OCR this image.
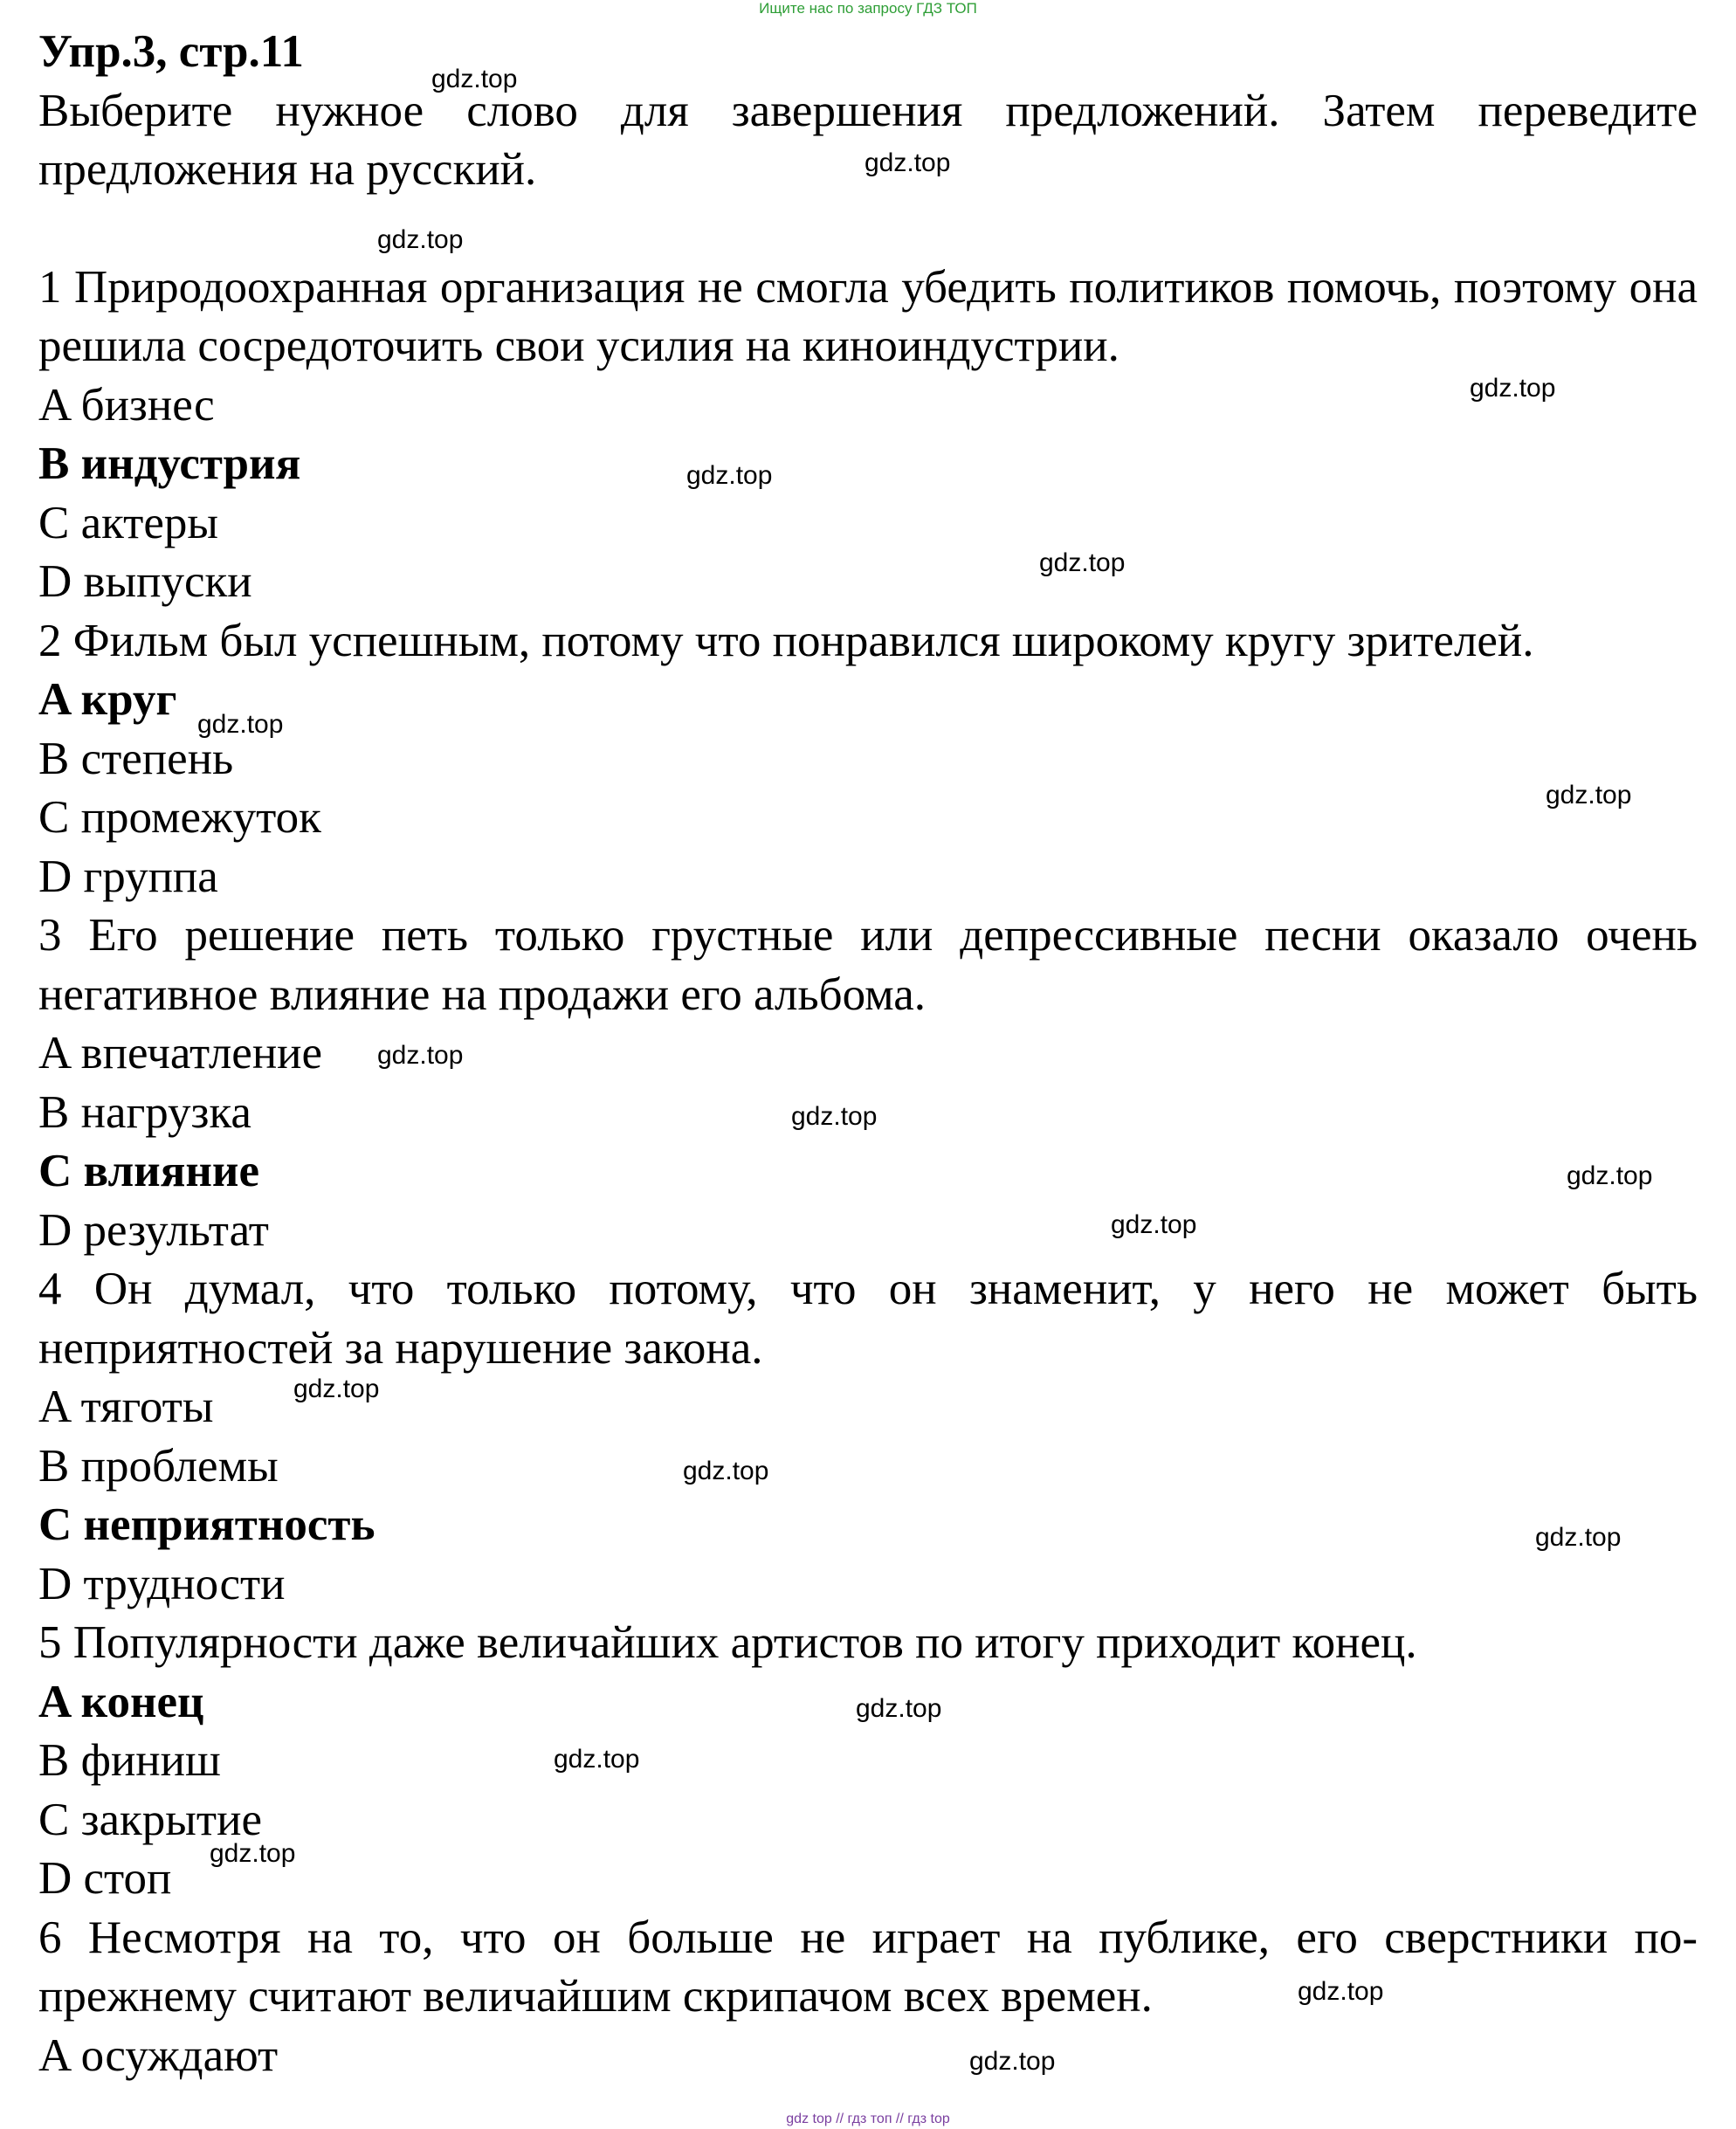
Ищите нас по запросу ГДЗ ТОП
Упр.3, стр.11
Выберите нужное слово для завершения предложений. Затем переведите предложения на русский.
1 Природоохранная организация не смогла убедить политиков помочь, поэтому она решила сосредоточить свои усилия на киноиндустрии.
A бизнес
B индустрия
C актеры
D выпуски
2 Фильм был успешным, потому что понравился широкому кругу зрителей.
A круг
B степень
C промежуток
D группа
3 Его решение петь только грустные или депрессивные песни оказало очень негативное влияние на продажи его альбома.
A впечатление
B нагрузка
C влияние
D результат
4 Он думал, что только потому, что он знаменит, у него не может быть неприятностей за нарушение закона.
A тяготы
B проблемы
C неприятность
D трудности
5 Популярности даже величайших артистов по итогу приходит конец.
A конец
B финиш
C закрытие
D стоп
6 Несмотря на то, что он больше не играет на публике, его сверстники по-прежнему считают величайшим скрипачом всех времен.
A осуждают
gdz.top
gdz.top
gdz.top
gdz.top
gdz.top
gdz.top
gdz.top
gdz.top
gdz.top
gdz.top
gdz.top
gdz.top
gdz.top
gdz.top
gdz.top
gdz.top
gdz.top
gdz.top
gdz.top
gdz.top
gdz top // гдз топ // гдз top
